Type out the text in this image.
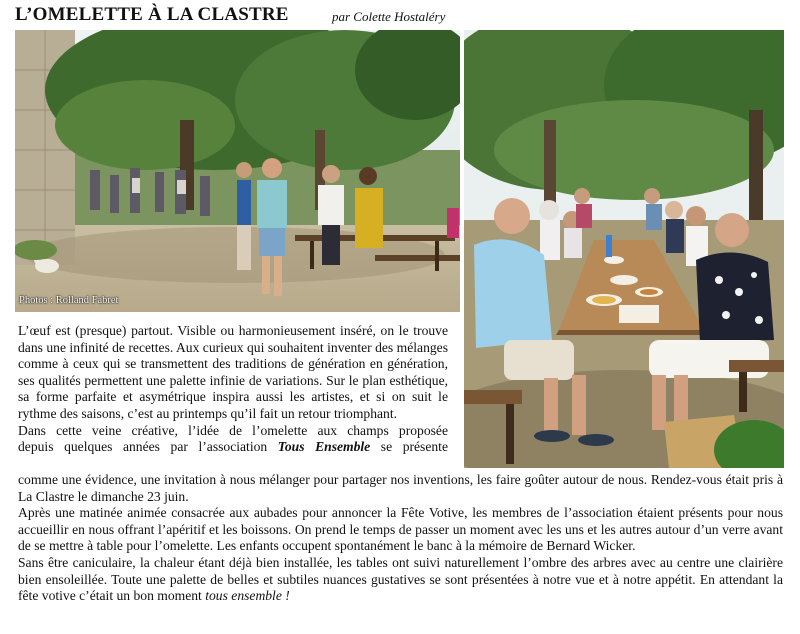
L’OMELETTE À LA CLASTRE	par Colette Hostaléry
Photos : Rolland Fabret

L’œuf est (presque) partout. Visible ou harmonieusement inséré, on le trouve dans une infinité de recettes. Aux curieux qui souhaitent inventer des mélanges comme à ceux qui se transmettent des traditions de génération en génération, ses qualités permettent une palette infinie de variations. Sur le plan esthétique, sa forme parfaite et asymétrique inspira aussi les artistes, et si on suit le rythme des saisons, c’est au printemps qu’il fait un retour triomphant.

Dans cette veine créative, l’idée de l’omelette aux champs proposée

depuis quelques années par l’association Tous Ensemble se présente

comme une évidence, une invitation à nous mélanger pour partager nos inventions, les faire goûter autour de nous. Rendez-vous était pris à La Clastre le dimanche 23 juin.

Après une matinée animée consacrée aux aubades pour annoncer la Fête Votive, les membres de l’association étaient présents pour nous accueillir en nous offrant l’apéritif et les boissons. On prend le temps de passer un moment avec les uns et les autres autour d’un verre avant de se mettre à table pour l’omelette. Les enfants occupent spontanément le banc à la mémoire de Bernard Wicker.

Sans être caniculaire, la chaleur étant déjà bien installée, les tables ont suivi naturellement l’ombre des arbres avec au centre une clairière bien ensoleillée. Toute une palette de belles et subtiles nuances gustatives se sont présentées à notre vue et à notre appétit. En attendant la fête votive c’était un bon moment tous ensemble !
